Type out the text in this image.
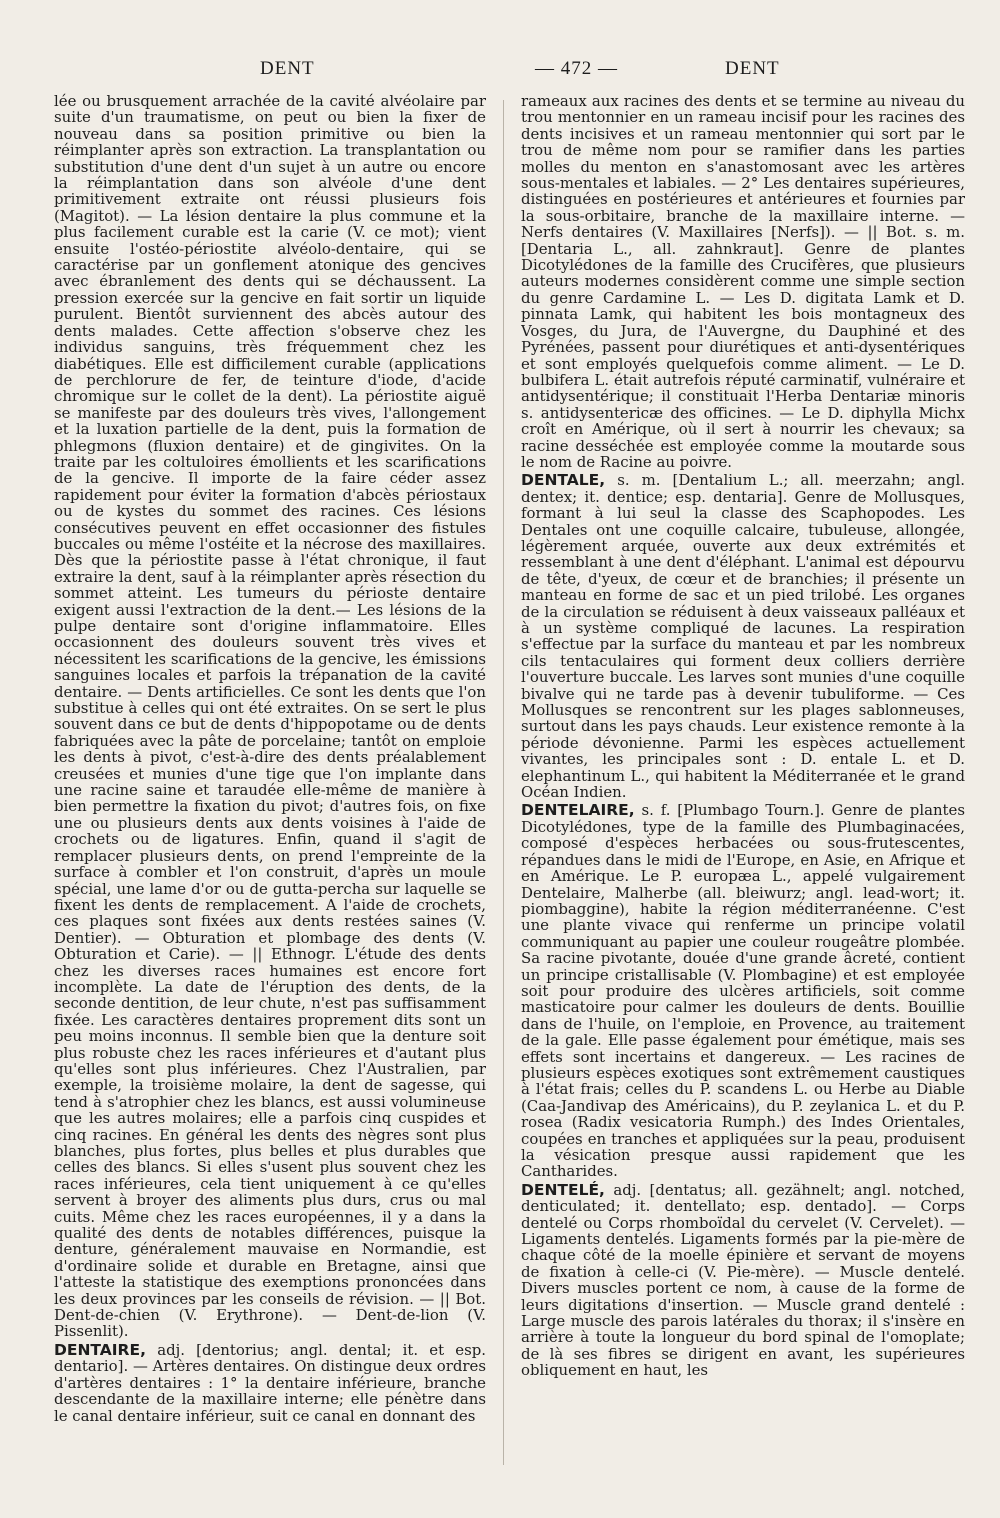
DENT	— 472 —	DENT

lée ou brusquement arrachée de la cavité alvéolaire par suite d'un traumatisme, on peut ou bien la fixer de nouveau dans sa position primitive ou bien la réimplanter après son extraction. La transplantation ou substitution d'une dent d'un sujet à un autre ou encore la réimplantation dans son alvéole d'une dent primitivement extraite ont réussi plusieurs fois (Magitot). — La lésion dentaire la plus commune et la plus facilement curable est la carie (V. ce mot); vient ensuite l'ostéo-périostite alvéolo-dentaire, qui se caractérise par un gonflement atonique des gencives avec ébranlement des dents qui se déchaussent. La pression exercée sur la gencive en fait sortir un liquide purulent. Bientôt surviennent des abcès autour des dents malades. Cette affection s'observe chez les individus sanguins, très fréquemment chez les diabétiques. Elle est difficilement curable (applications de perchlorure de fer, de teinture d'iode, d'acide chromique sur le collet de la dent). La périostite aiguë se manifeste par des douleurs très vives, l'allongement et la luxation partielle de la dent, puis la formation de phlegmons (fluxion dentaire) et de gingivites. On la traite par les coltuloires émollients et les scarifications de la gencive. Il importe de la faire céder assez rapidement pour éviter la formation d'abcès périostaux ou de kystes du sommet des racines. Ces lésions consécutives peuvent en effet occasionner des fistules buccales ou même l'ostéite et la nécrose des maxillaires. Dès que la périostite passe à l'état chronique, il faut extraire la dent, sauf à la réimplanter après résection du sommet atteint. Les tumeurs du périoste dentaire exigent aussi l'extraction de la dent.— Les lésions de la pulpe dentaire sont d'origine inflammatoire. Elles occasionnent des douleurs souvent très vives et nécessitent les scarifications de la gencive, les émissions sanguines locales et parfois la trépanation de la cavité dentaire. — Dents artificielles. Ce sont les dents que l'on substitue à celles qui ont été extraites. On se sert le plus souvent dans ce but de dents d'hippopotame ou de dents fabriquées avec la pâte de porcelaine; tantôt on emploie les dents à pivot, c'est-à-dire des dents préalablement creusées et munies d'une tige que l'on implante dans une racine saine et taraudée elle-même de manière à bien permettre la fixation du pivot; d'autres fois, on fixe une ou plusieurs dents aux dents voisines à l'aide de crochets ou de ligatures. Enfin, quand il s'agit de remplacer plusieurs dents, on prend l'empreinte de la surface à combler et l'on construit, d'après un moule spécial, une lame d'or ou de gutta-percha sur laquelle se fixent les dents de remplacement. A l'aide de crochets, ces plaques sont fixées aux dents restées saines (V. Dentier). — Obturation et plombage des dents (V. Obturation et Carie). — || Ethnogr. L'étude des dents chez les diverses races humaines est encore fort incomplète. La date de l'éruption des dents, de la seconde dentition, de leur chute, n'est pas suffisamment fixée. Les caractères dentaires proprement dits sont un peu moins inconnus. Il semble bien que la denture soit plus robuste chez les races inférieures et d'autant plus qu'elles sont plus inférieures. Chez l'Australien, par exemple, la troisième molaire, la dent de sagesse, qui tend à s'atrophier chez les blancs, est aussi volumineuse que les autres molaires; elle a parfois cinq cuspides et cinq racines. En général les dents des nègres sont plus blanches, plus fortes, plus belles et plus durables que celles des blancs. Si elles s'usent plus souvent chez les races inférieures, cela tient uniquement à ce qu'elles servent à broyer des aliments plus durs, crus ou mal cuits. Même chez les races européennes, il y a dans la qualité des dents de notables différences, puisque la denture, généralement mauvaise en Normandie, est d'ordinaire solide et durable en Bretagne, ainsi que l'atteste la statistique des exemptions prononcées dans les deux provinces par les conseils de révision. — || Bot. Dent-de-chien (V. Erythrone). — Dent-de-lion (V. Pissenlit).

DENTAIRE, adj. [dentorius; angl. dental; it. et esp. dentario]. — Artères dentaires. On distingue deux ordres d'artères dentaires : 1° la dentaire inférieure, branche descendante de la maxillaire interne; elle pénètre dans le canal dentaire inférieur, suit ce canal en donnant des

rameaux aux racines des dents et se termine au niveau du trou mentonnier en un rameau incisif pour les racines des dents incisives et un rameau mentonnier qui sort par le trou de même nom pour se ramifier dans les parties molles du menton en s'anastomosant avec les artères sous-mentales et labiales. — 2° Les dentaires supérieures, distinguées en postérieures et antérieures et fournies par la sous-orbitaire, branche de la maxillaire interne. — Nerfs dentaires (V. Maxillaires [Nerfs]). — || Bot. s. m. [Dentaria L., all. zahnkraut]. Genre de plantes Dicotylédones de la famille des Crucifères, que plusieurs auteurs modernes considèrent comme une simple section du genre Cardamine L. — Les D. digitata Lamk et D. pinnata Lamk, qui habitent les bois montagneux des Vosges, du Jura, de l'Auvergne, du Dauphiné et des Pyrénées, passent pour diurétiques et anti-dysentériques et sont employés quelquefois comme aliment. — Le D. bulbifera L. était autrefois réputé carminatif, vulnéraire et antidysentérique; il constituait l'Herba Dentariæ minoris s. antidysentericæ des officines. — Le D. diphylla Michx croît en Amérique, où il sert à nourrir les chevaux; sa racine desséchée est employée comme la moutarde sous le nom de Racine au poivre.

DENTALE, s. m. [Dentalium L.; all. meerzahn; angl. dentex; it. dentice; esp. dentaria]. Genre de Mollusques, formant à lui seul la classe des Scaphopodes. Les Dentales ont une coquille calcaire, tubuleuse, allongée, légèrement arquée, ouverte aux deux extrémités et ressemblant à une dent d'éléphant. L'animal est dépourvu de tête, d'yeux, de cœur et de branchies; il présente un manteau en forme de sac et un pied trilobé. Les organes de la circulation se réduisent à deux vaisseaux palléaux et à un système compliqué de lacunes. La respiration s'effectue par la surface du manteau et par les nombreux cils tentaculaires qui forment deux colliers derrière l'ouverture buccale. Les larves sont munies d'une coquille bivalve qui ne tarde pas à devenir tubuliforme. — Ces Mollusques se rencontrent sur les plages sablonneuses, surtout dans les pays chauds. Leur existence remonte à la période dévonienne. Parmi les espèces actuellement vivantes, les principales sont : D. entale L. et D. elephantinum L., qui habitent la Méditerranée et le grand Océan Indien.

DENTELAIRE, s. f. [Plumbago Tourn.]. Genre de plantes Dicotylédones, type de la famille des Plumbaginacées, composé d'espèces herbacées ou sous-frutescentes, répandues dans le midi de l'Europe, en Asie, en Afrique et en Amérique. Le P. europæa L., appelé vulgairement Dentelaire, Malherbe (all. bleiwurz; angl. lead-wort; it. piombaggine), habite la région méditerranéenne. C'est une plante vivace qui renferme un principe volatil communiquant au papier une couleur rougeâtre plombée. Sa racine pivotante, douée d'une grande âcreté, contient un principe cristallisable (V. Plombagine) et est employée soit pour produire des ulcères artificiels, soit comme masticatoire pour calmer les douleurs de dents. Bouillie dans de l'huile, on l'emploie, en Provence, au traitement de la gale. Elle passe également pour émétique, mais ses effets sont incertains et dangereux. — Les racines de plusieurs espèces exotiques sont extrêmement caustiques à l'état frais; celles du P. scandens L. ou Herbe au Diable (Caa-Jandivap des Américains), du P. zeylanica L. et du P. rosea (Radix vesicatoria Rumph.) des Indes Orientales, coupées en tranches et appliquées sur la peau, produisent la vésication presque aussi rapidement que les Cantharides.

DENTELÉ, adj. [dentatus; all. gezähnelt; angl. notched, denticulated; it. dentellato; esp. dentado]. — Corps dentelé ou Corps rhomboïdal du cervelet (V. Cervelet). — Ligaments dentelés. Ligaments formés par la pie-mère de chaque côté de la moelle épinière et servant de moyens de fixation à celle-ci (V. Pie-mère). — Muscle dentelé. Divers muscles portent ce nom, à cause de la forme de leurs digitations d'insertion. — Muscle grand dentelé : Large muscle des parois latérales du thorax; il s'insère en arrière à toute la longueur du bord spinal de l'omoplate; de là ses fibres se dirigent en avant, les supérieures obliquement en haut, les
